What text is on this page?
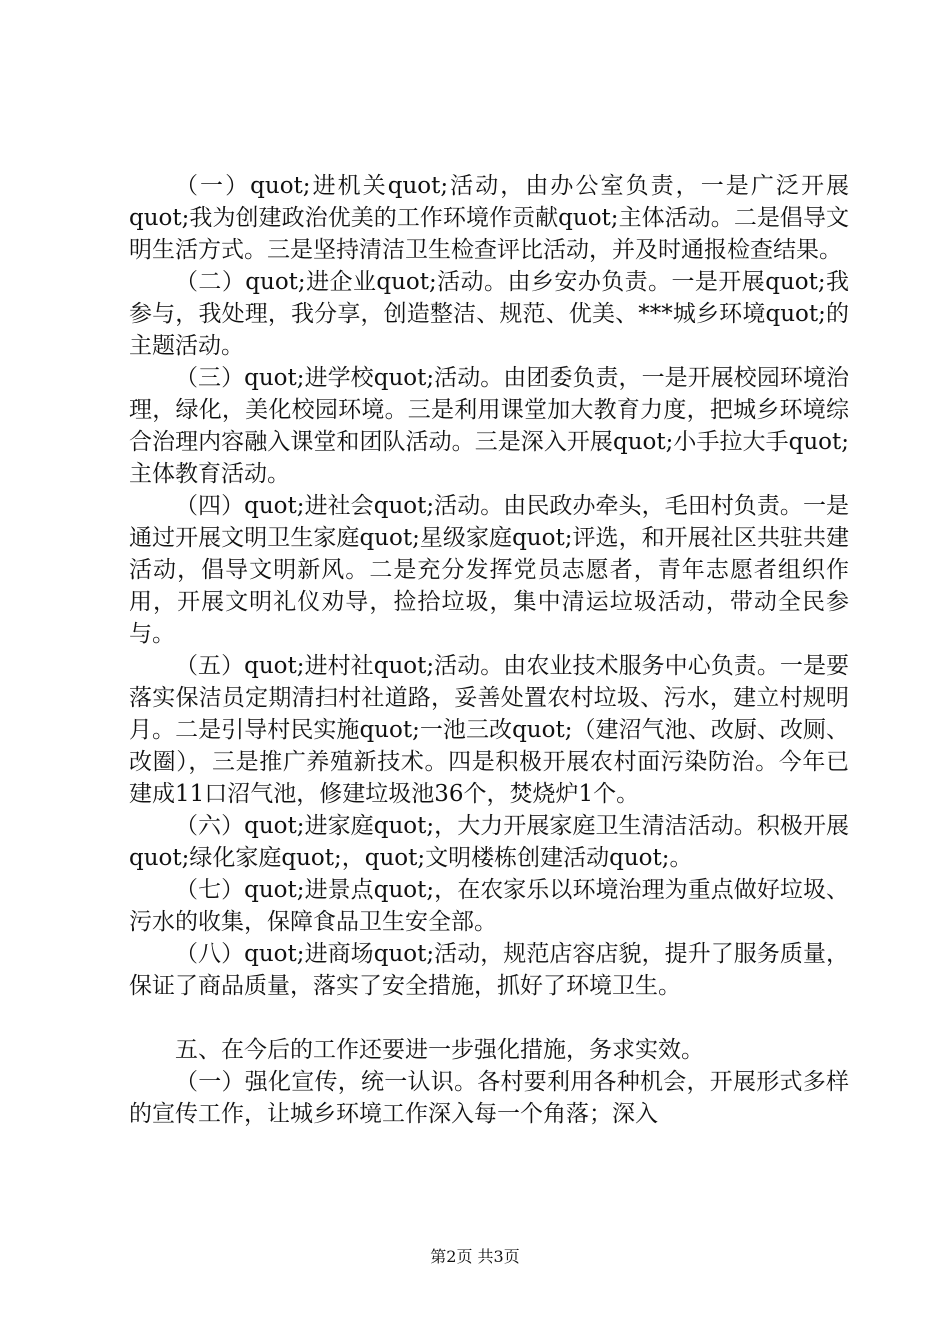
（一）quot;进机关quot;活动，由办公室负责，一是广泛开展quot;我为创建政治优美的工作环境作贡献quot;主体活动。二是倡导文明生活方式。三是坚持清洁卫生检查评比活动，并及时通报检查结果。

（二）quot;进企业quot;活动。由乡安办负责。一是开展quot;我参与，我处理，我分享，创造整洁、规范、优美、***城乡环境quot;的主题活动。

（三）quot;进学校quot;活动。由团委负责，一是开展校园环境治理，绿化，美化校园环境。三是利用课堂加大教育力度，把城乡环境综合治理内容融入课堂和团队活动。三是深入开展quot;小手拉大手quot;主体教育活动。

（四）quot;进社会quot;活动。由民政办牵头，毛田村负责。一是通过开展文明卫生家庭quot;星级家庭quot;评选，和开展社区共驻共建活动，倡导文明新风。二是充分发挥党员志愿者，青年志愿者组织作用，开展文明礼仪劝导，捡拾垃圾，集中清运垃圾活动，带动全民参与。

（五）quot;进村社quot;活动。由农业技术服务中心负责。一是要落实保洁员定期清扫村社道路，妥善处置农村垃圾、污水，建立村规明月。二是引导村民实施quot;一池三改quot;（建沼气池、改厨、改厕、改圈），三是推广养殖新技术。四是积极开展农村面污染防治。今年已建成11口沼气池，修建垃圾池36个，焚烧炉1个。

（六）quot;进家庭quot;，大力开展家庭卫生清洁活动。积极开展quot;绿化家庭quot;，quot;文明楼栋创建活动quot;。

（七）quot;进景点quot;，在农家乐以环境治理为重点做好垃圾、污水的收集，保障食品卫生安全部。

（八）quot;进商场quot;活动，规范店容店貌，提升了服务质量，保证了商品质量，落实了安全措施，抓好了环境卫生。

五、在今后的工作还要进一步强化措施，务求实效。

（一）强化宣传，统一认识。各村要利用各种机会，开展形式多样的宣传工作，让城乡环境工作深入每一个角落；深入

第2页 共3页
